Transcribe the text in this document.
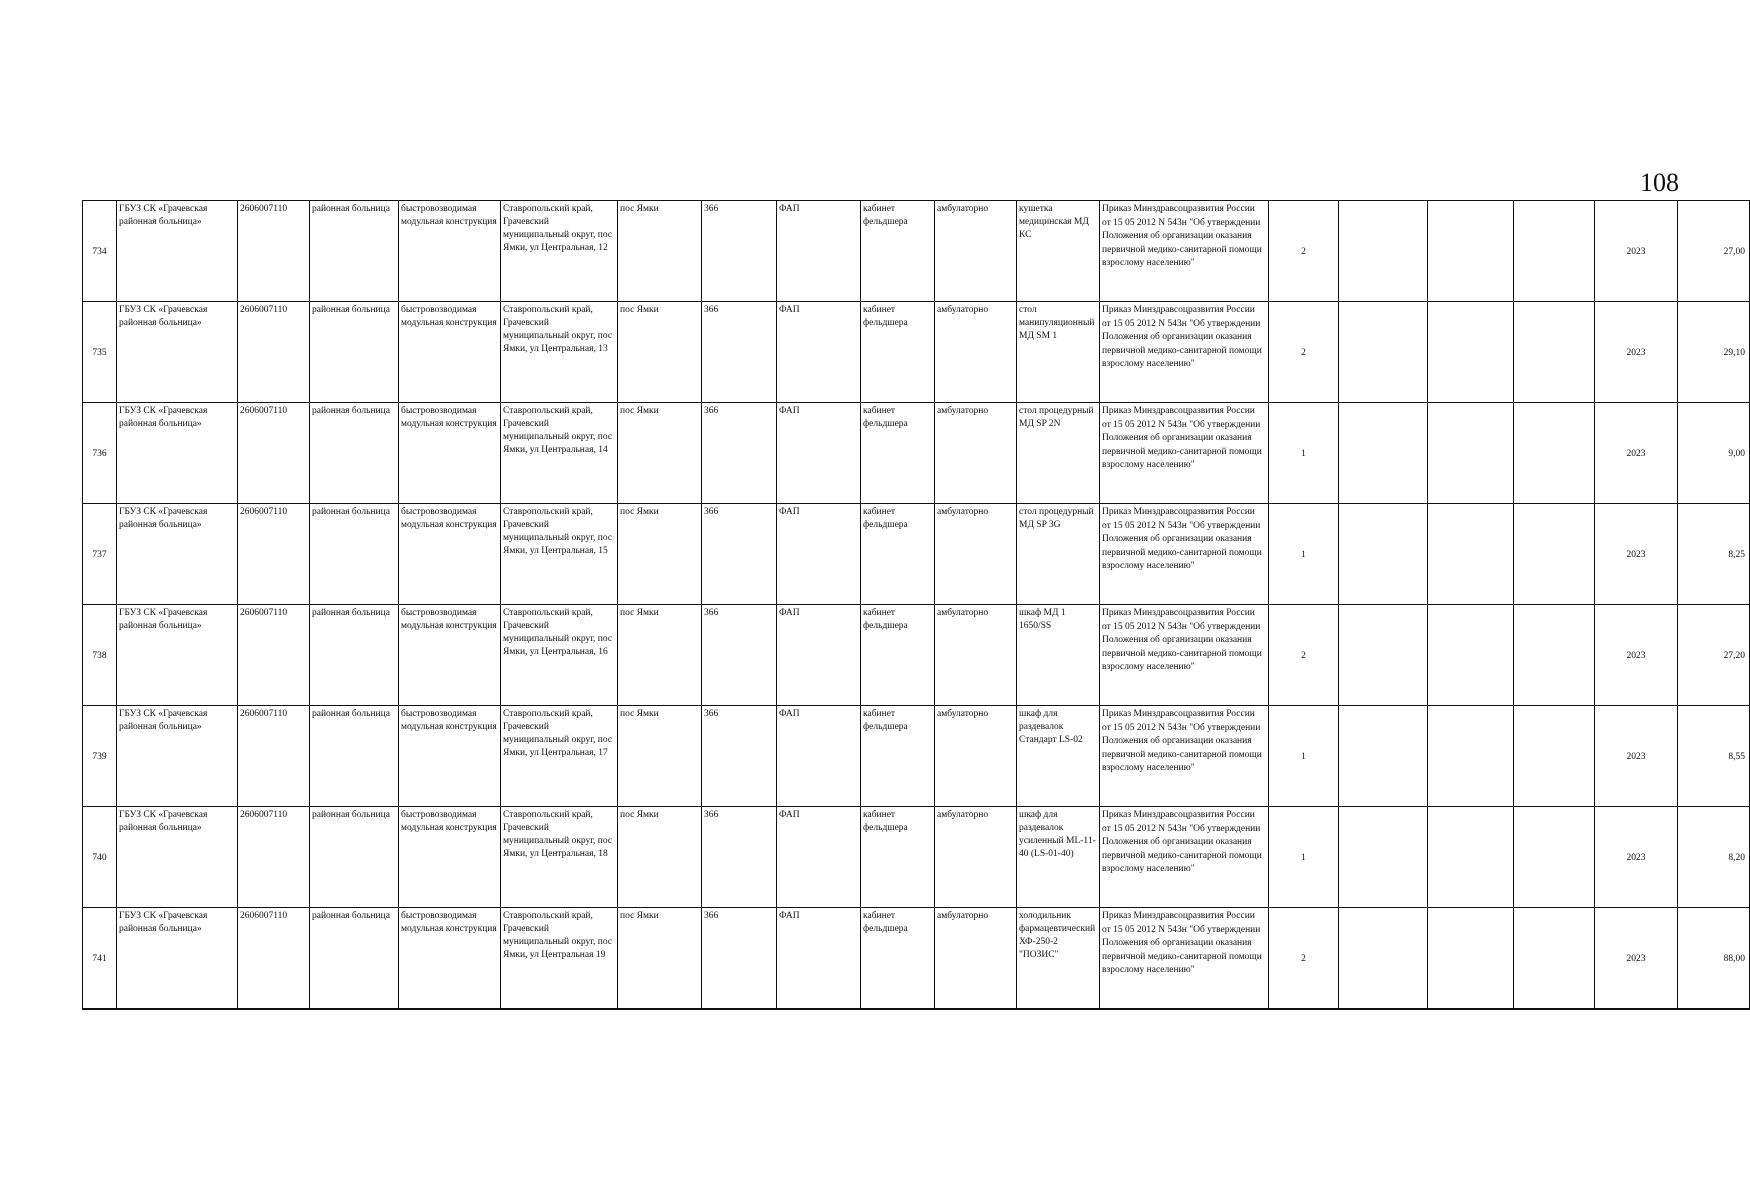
108
734	ГБУЗ СК «Грачевская районная больница»	2606007110	районная больница	быстровозводимая модульная конструкция	Ставропольский край, Грачевский муниципальный округ, пос Ямки, ул Центральная, 12	пос Ямки	366	ФАП	кабинет фельдшера	амбулаторно	кушетка медицинская МД КС	Приказ Минздравсоцразвития России от 15 05 2012 N 543н "Об утверждении Положения об организации оказания первичной медико-санитарной помощи взрослому населению"	2				2023	27,00
735	ГБУЗ СК «Грачевская районная больница»	2606007110	районная больница	быстровозводимая модульная конструкция	Ставропольский край, Грачевский муниципальный округ, пос Ямки, ул Центральная, 13	пос Ямки	366	ФАП	кабинет фельдшера	амбулаторно	стол манипуляционный МД SM 1	Приказ Минздравсоцразвития России от 15 05 2012 N 543н "Об утверждении Положения об организации оказания первичной медико-санитарной помощи взрослому населению"	2				2023	29,10
736	ГБУЗ СК «Грачевская районная больница»	2606007110	районная больница	быстровозводимая модульная конструкция	Ставропольский край, Грачевский муниципальный округ, пос Ямки, ул Центральная, 14	пос Ямки	366	ФАП	кабинет фельдшера	амбулаторно	стол процедурный МД SP 2N	Приказ Минздравсоцразвития России от 15 05 2012 N 543н "Об утверждении Положения об организации оказания первичной медико-санитарной помощи взрослому населению"	1				2023	9,00
737	ГБУЗ СК «Грачевская районная больница»	2606007110	районная больница	быстровозводимая модульная конструкция	Ставропольский край, Грачевский муниципальный округ, пос Ямки, ул Центральная, 15	пос Ямки	366	ФАП	кабинет фельдшера	амбулаторно	стол процедурный МД SP 3G	Приказ Минздравсоцразвития России от 15 05 2012 N 543н "Об утверждении Положения об организации оказания первичной медико-санитарной помощи взрослому населению"	1				2023	8,25
738	ГБУЗ СК «Грачевская районная больница»	2606007110	районная больница	быстровозводимая модульная конструкция	Ставропольский край, Грачевский муниципальный округ, пос Ямки, ул Центральная, 16	пос Ямки	366	ФАП	кабинет фельдшера	амбулаторно	шкаф МД 1 1650/SS	Приказ Минздравсоцразвития России от 15 05 2012 N 543н "Об утверждении Положения об организации оказания первичной медико-санитарной помощи взрослому населению"	2				2023	27,20
739	ГБУЗ СК «Грачевская районная больница»	2606007110	районная больница	быстровозводимая модульная конструкция	Ставропольский край, Грачевский муниципальный округ, пос Ямки, ул Центральная, 17	пос Ямки	366	ФАП	кабинет фельдшера	амбулаторно	шкаф для раздевалок Стандарт LS-02	Приказ Минздравсоцразвития России от 15 05 2012 N 543н "Об утверждении Положения об организации оказания первичной медико-санитарной помощи взрослому населению"	1				2023	8,55
740	ГБУЗ СК «Грачевская районная больница»	2606007110	районная больница	быстровозводимая модульная конструкция	Ставропольский край, Грачевский муниципальный округ, пос Ямки, ул Центральная, 18	пос Ямки	366	ФАП	кабинет фельдшера	амбулаторно	шкаф для раздевалок усиленный ML-11-40 (LS-01-40)	Приказ Минздравсоцразвития России от 15 05 2012 N 543н "Об утверждении Положения об организации оказания первичной медико-санитарной помощи взрослому населению"	1				2023	8,20
741	ГБУЗ СК «Грачевская районная больница»	2606007110	районная больница	быстровозводимая модульная конструкция	Ставропольский край, Грачевский муниципальный округ, пос Ямки, ул Центральная 19	пос Ямки	366	ФАП	кабинет фельдшера	амбулаторно	холодильник фармацевтический ХФ-250-2 "ПОЗИС"	Приказ Минздравсоцразвития России от 15 05 2012 N 543н "Об утверждении Положения об организации оказания первичной медико-санитарной помощи взрослому населению"	2				2023	88,00
